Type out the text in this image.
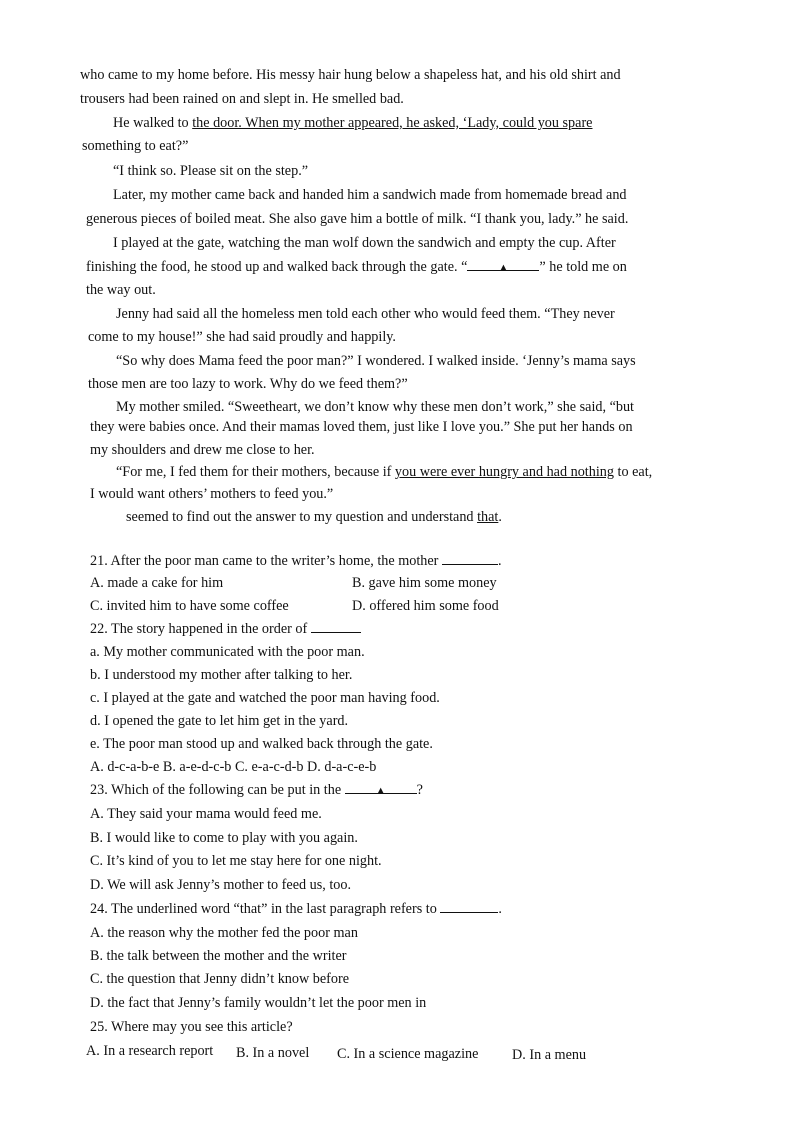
who came to my home before. His messy hair hung below a shapeless hat, and his old shirt and
trousers had been rained on and slept in. He smelled bad.
He walked to the door. When my mother appeared, he asked, ‘Lady, could you spare
something to eat?”
“I think so. Please sit on the step.”
Later, my mother came back and handed him a sandwich made from homemade bread and
generous pieces of boiled meat. She also gave him a bottle of milk. “I thank you, lady.” he said.
I played at the gate, watching the man wolf down the sandwich and empty the cup. After
finishing the food, he stood up and walked back through the gate. “	▲ ” he told me on
the way out.
Jenny had said all the homeless men told each other who would feed them. “They never
come to my house!” she had said proudly and happily.
“So why does Mama feed the poor man?” I wondered. I walked inside. ‘Jenny’s mama says
those men are too lazy to work. Why do we feed them?”
My mother smiled. “Sweetheart, we don’t know why these men don’t work,” she said, “but
they were babies once. And their mamas loved them, just like I love you.” She put her hands on
my shoulders and drew me close to her.
“For me, I fed them for their mothers, because if you were ever hungry and had nothing to eat,
I would want others’ mothers to feed you.”
seemed to find out the answer to my question and understand that.
21. After the poor man came to the writer’s home, the mother	.
A. made a cake for him	B. gave him some money
C. invited him to have some coffee	D. offered him some food
22. The story happened in the order of
a. My mother communicated with the poor man.
b. I understood my mother after talking to her.
c. I played at the gate and watched the poor man having food.
d. I opened the gate to let him get in the yard.
e. The poor man stood up and walked back through the gate.
A. d-c-a-b-e B. a-e-d-c-b C. e-a-c-d-b D. d-a-c-e-b
23. Which of the following can be put in the	▲ ?
A. They said your mama would feed me.
B. I would like to come to play with you again.
C. It’s kind of you to let me stay here for one night.
D. We will ask Jenny’s mother to feed us, too.
24. The underlined word “that” in the last paragraph refers to	.
A. the reason why the mother fed the poor man
B. the talk between the mother and the writer
C. the question that Jenny didn’t know before
D. the fact that Jenny’s family wouldn’t let the poor men in
25. Where may you see this article?
A. In a research report B. In a novel C. In a science magazine D. In a menu
